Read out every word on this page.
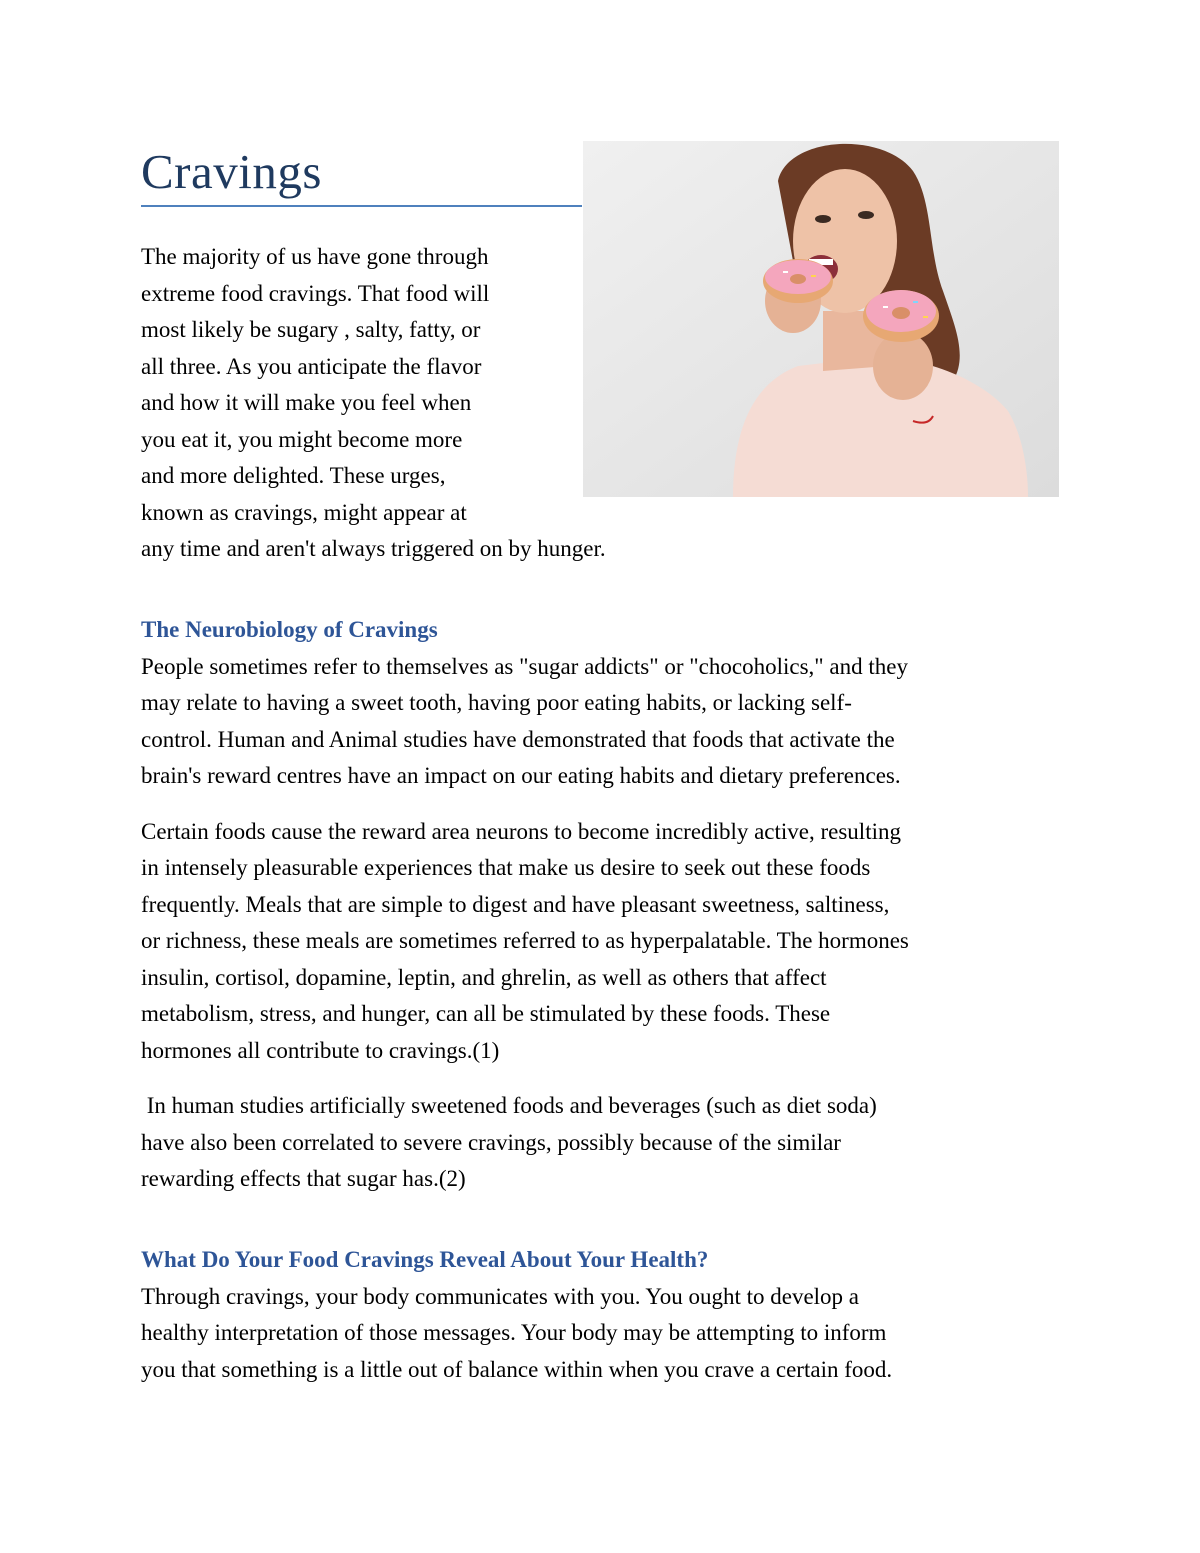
Cravings
The majority of us have gone through
extreme food cravings. That food will
most likely be sugary , salty, fatty, or
all three. As you anticipate the flavor
and how it will make you feel when
you eat it, you might become more
and more delighted. These urges,
known as cravings, might appear at
any time and aren't always triggered on by hunger.
The Neurobiology of Cravings
People sometimes refer to themselves as "sugar addicts" or "chocoholics," and they
may relate to having a sweet tooth, having poor eating habits, or lacking self-
control. Human and Animal studies have demonstrated that foods that activate the
brain's reward centres have an impact on our eating habits and dietary preferences.
Certain foods cause the reward area neurons to become incredibly active, resulting
in intensely pleasurable experiences that make us desire to seek out these foods
frequently. Meals that are simple to digest and have pleasant sweetness, saltiness,
or richness, these meals are sometimes referred to as hyperpalatable. The hormones
insulin, cortisol, dopamine, leptin, and ghrelin, as well as others that affect
metabolism, stress, and hunger, can all be stimulated by these foods. These
hormones all contribute to cravings.(1)
In human studies artificially sweetened foods and beverages (such as diet soda)
have also been correlated to severe cravings, possibly because of the similar
rewarding effects that sugar has.(2)
What Do Your Food Cravings Reveal About Your Health?
Through cravings, your body communicates with you. You ought to develop a
healthy interpretation of those messages. Your body may be attempting to inform
you that something is a little out of balance within when you crave a certain food.
